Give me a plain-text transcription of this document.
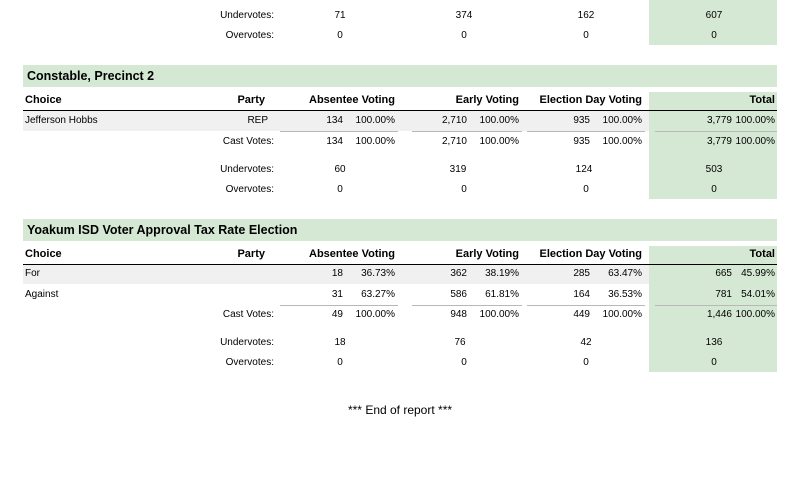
Undervotes:	71	374	162	607
Overvotes:	0	0	0	0
Constable, Precinct 2
Choice	Party	Absentee Voting	Early Voting	Election Day Voting	Total
Jefferson Hobbs	REP	134	100.00%	2,710	100.00%	935	100.00%	3,779 100.00%
Cast Votes:	134	100.00%	2,710	100.00%	935	100.00%	3,779 100.00%
Undervotes:	60	319	124	503
Overvotes:	0	0	0	0
Yoakum ISD Voter Approval Tax Rate Election
Choice	Party	Absentee Voting	Early Voting	Election Day Voting	Total
For	18	36.73%	362	38.19%	285	63.47%	665 45.99%
Against	31	63.27%	586	61.81%	164	36.53%	781 54.01%
Cast Votes:	49	100.00%	948	100.00%	449	100.00%	1,446 100.00%
Undervotes:	18	76	42	136
Overvotes:	0	0	0	0
*** End of report ***
